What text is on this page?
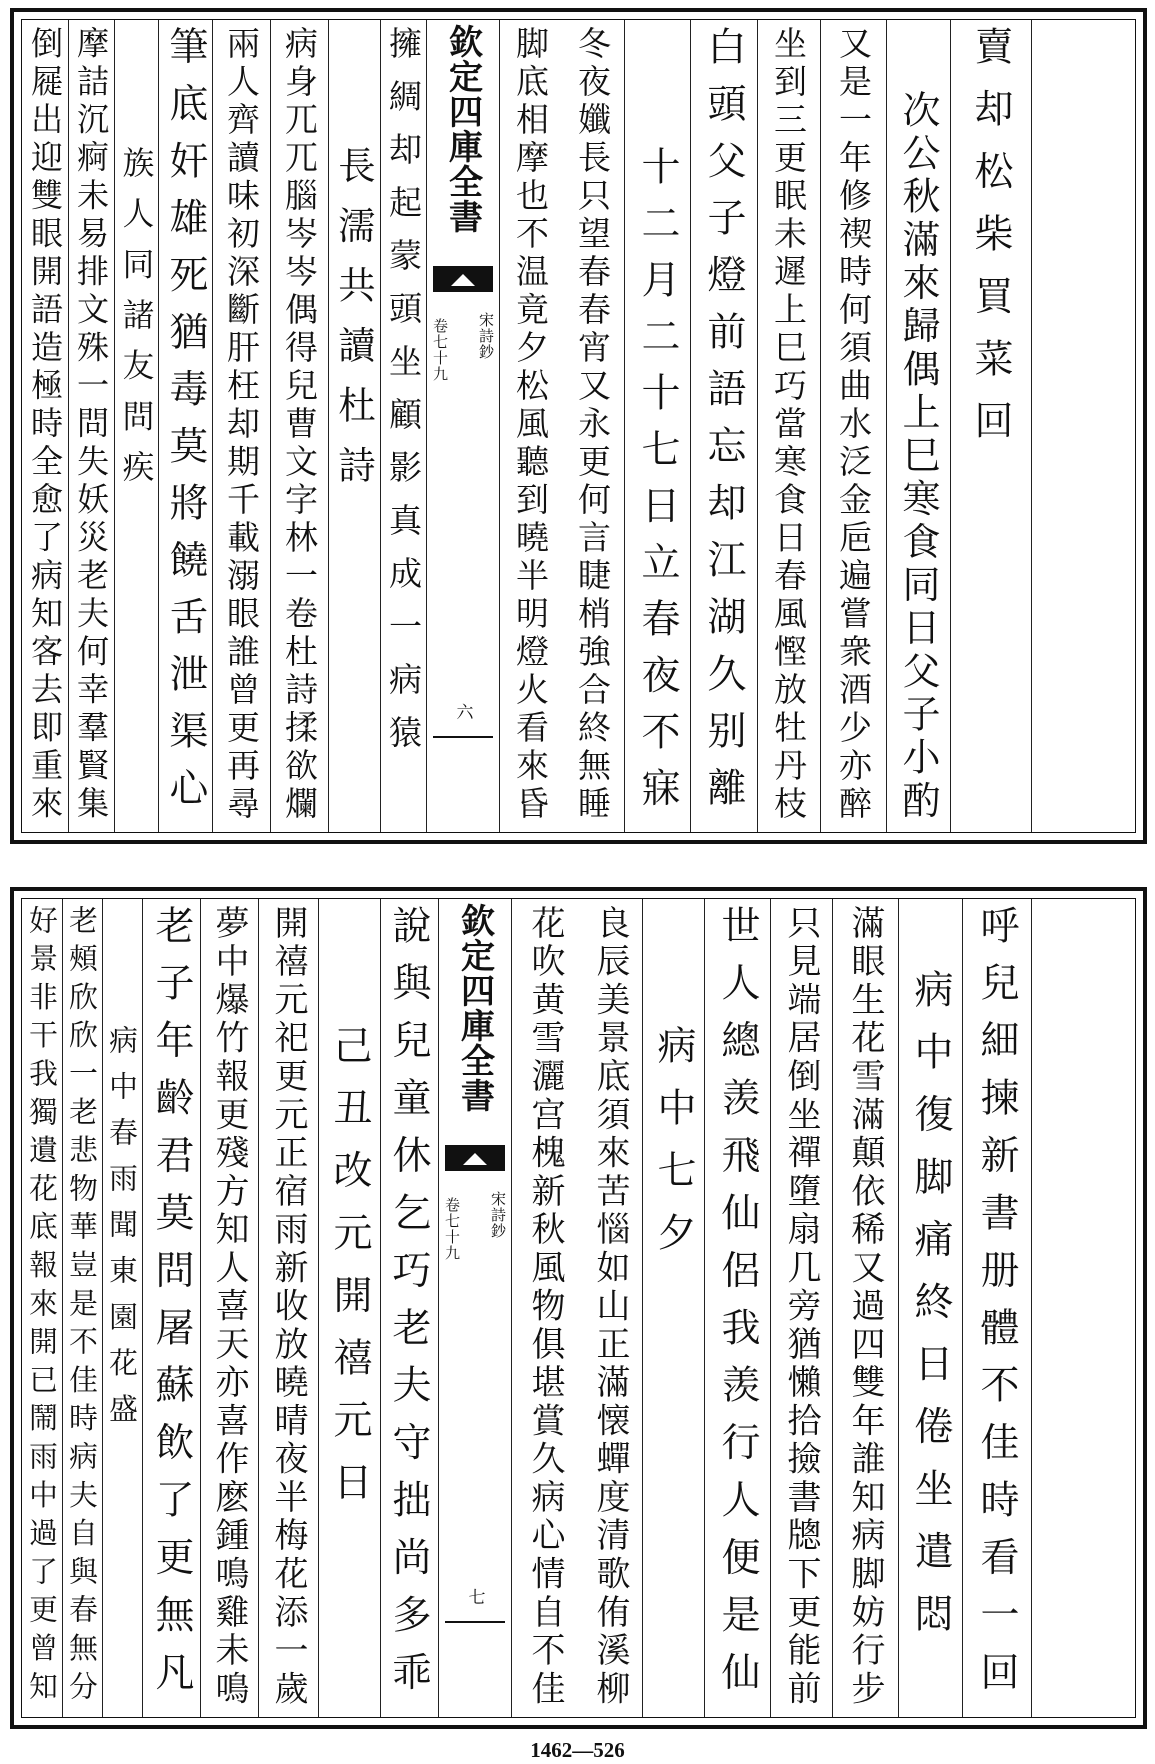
賣却松柴買菜回
次公秋滿來歸偶上巳寒食同日父子小酌
又是一年修禊時何須曲水泛金巵遍嘗衆酒少亦醉
坐到三更眠未遲上巳巧當寒食日春風慳放牡丹枝
白頭父子燈前語忘却江湖久别離
十二月二十七日立春夜不寐
冬夜孅長只望春春宵又永更何言睫梢強合終無睡
脚底相摩也不温竟夕松風聽到曉半明燈火看來昏
欽定四庫全書
宋詩鈔
卷七十九
六
擁綢却起蒙頭坐顧影真成一病猿
長濡共讀杜詩
病身兀兀腦岑岑偶得兒曹文字林一卷杜詩揉欲爛
兩人齊讀味初深斷肝枉却期千載溺眼誰曾更再尋
筆底奸雄死猶毒莫將饒舌泄渠心
族人同諸友問疾
摩詰沉痾未易排文殊一問失妖災老夫何幸羣賢集
倒屣出迎雙眼開語造極時全愈了病知客去即重來
呼兒細揀新書册體不佳時看一回
病中復脚痛終日倦坐遣悶
滿眼生花雪滿顛依稀又過四雙年誰知病脚妨行步
只見端居倒坐禪墮扇几旁猶懶拾撿書牕下更能前
世人總羡飛仙侶我羡行人便是仙
病中七夕
良辰美景底須來苦惱如山正滿懐蟬度清歌侑溪柳
花吹黄雪灑宫槐新秋風物俱堪賞久病心情自不佳
欽定四庫全書
宋詩鈔
卷七十九
七
說與兒童休乞巧老夫守拙尚多乖
己丑改元開禧元日
開禧元祀更元正宿雨新收放曉晴夜半梅花添一歲
夢中爆竹報更殘方知人喜天亦喜作麽鍾鳴雞未鳴
老子年齡君莫問屠蘇飲了更無凡
病中春雨聞東園花盛
老頰欣欣一老悲物華豈是不佳時病夫自與春無分
好景非干我獨遺花底報來開已鬧雨中過了更曾知
1462—526
